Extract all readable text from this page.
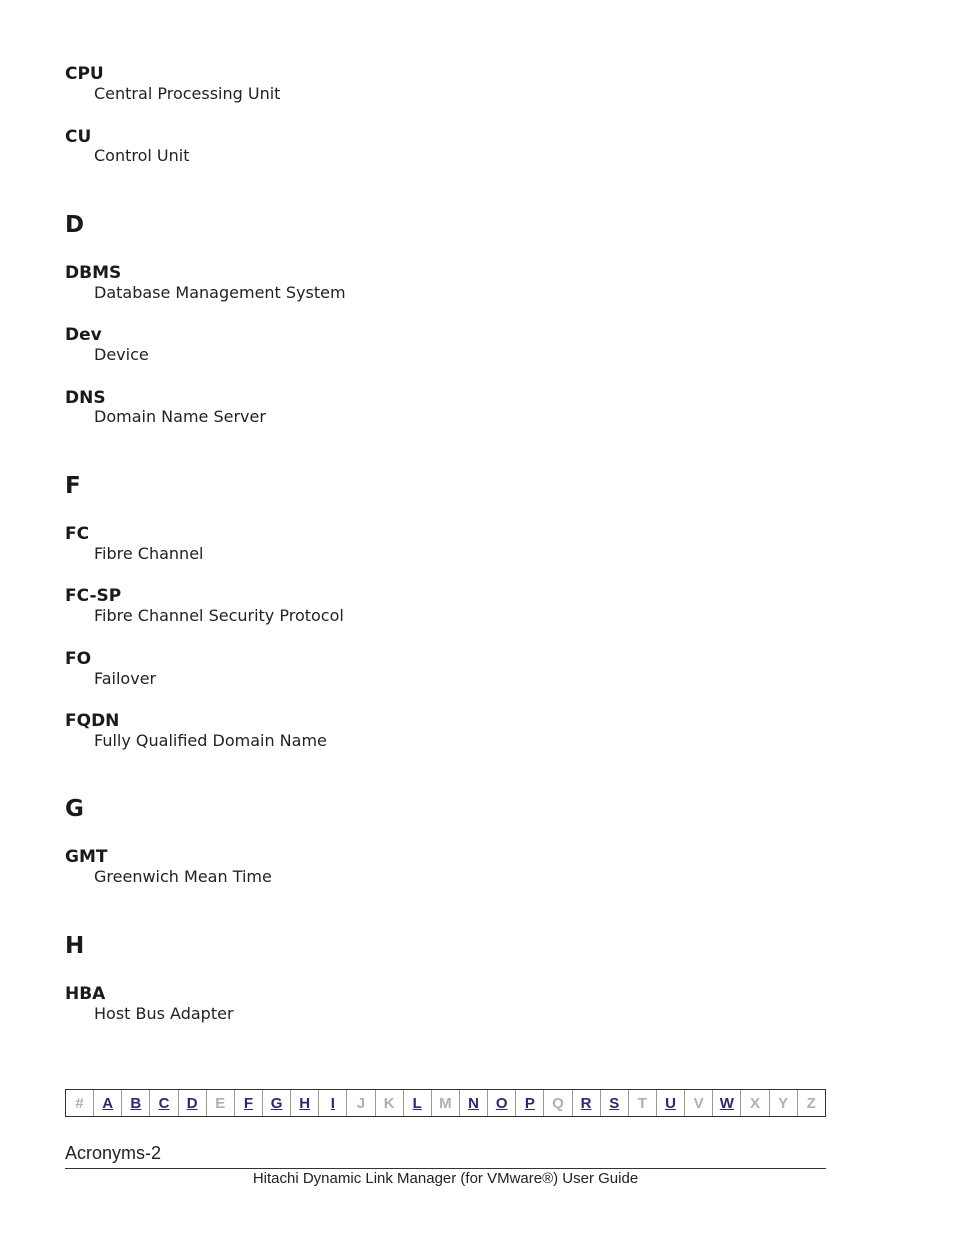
CPU
Central Processing Unit
CU
Control Unit
D
DBMS
Database Management System
Dev
Device
DNS
Domain Name Server
F
FC
Fibre Channel
FC-SP
Fibre Channel Security Protocol
FO
Failover
FQDN
Fully Qualified Domain Name
G
GMT
Greenwich Mean Time
H
HBA
Host Bus Adapter
#	A	B	C	D	E	F	G	H	I	J	K	L	M	N	O	P	Q	R	S	T	U	V	W	X	Y	Z
Acronyms-2
Hitachi Dynamic Link Manager (for VMware®) User Guide
